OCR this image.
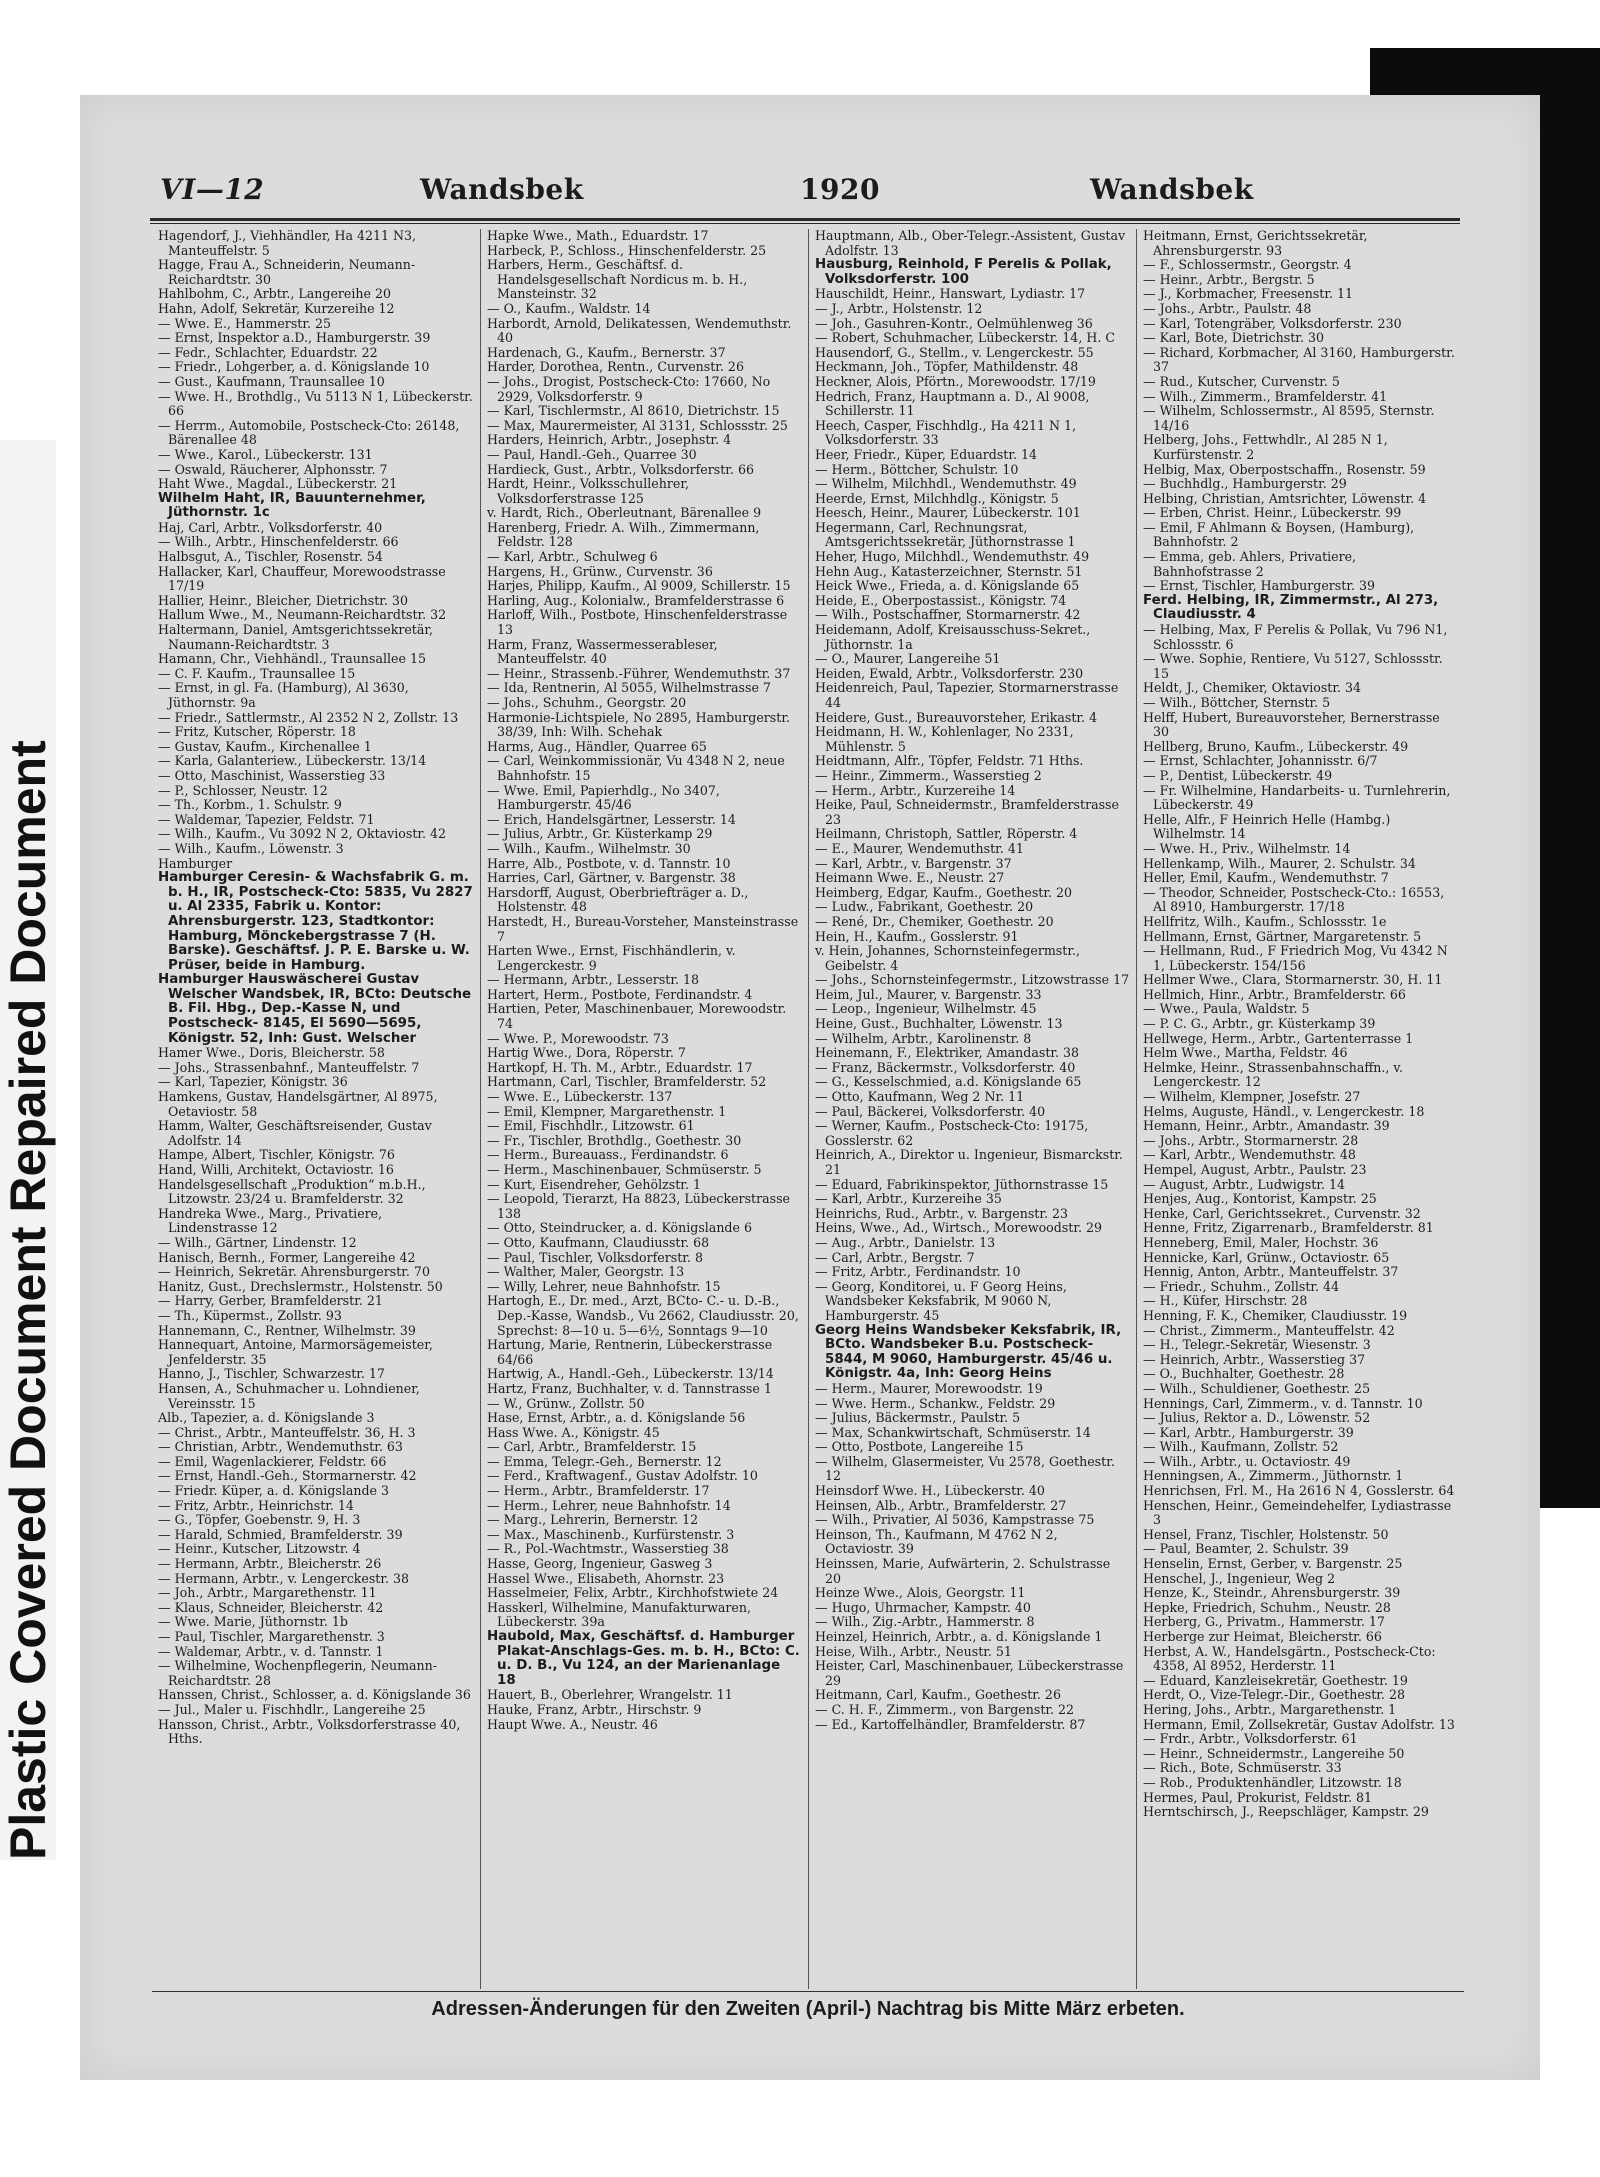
Plastic Covered Document Repaired Document
VI—12	Wandsbek	1920	Wandsbek

Hagendorf, J., Viehhändler, Ha 4211 N3, Manteuffelstr. 5

Hagge, Frau A., Schneiderin, Neumann-Reichardtstr. 30

Hahlbohm, C., Arbtr., Langereihe 20

Hahn, Adolf, Sekretär, Kurzereihe 12

— Wwe. E., Hammerstr. 25

— Ernst, Inspektor a.D., Hamburgerstr. 39

— Fedr., Schlachter, Eduardstr. 22

— Friedr., Lohgerber, a. d. Königslande 10

— Gust., Kaufmann, Traunsallee 10

— Wwe. H., Brothdlg., Vu 5113 N 1, Lübeckerstr. 66

— Herrm., Automobile, Postscheck-Cto: 26148, Bärenallee 48

— Wwe., Karol., Lübeckerstr. 131

— Oswald, Räucherer, Alphonsstr. 7

Haht Wwe., Magdal., Lübeckerstr. 21

Wilhelm Haht, IR, Bauunternehmer, Jüthornstr. 1c

Haj, Carl, Arbtr., Volksdorferstr. 40

— Wilh., Arbtr., Hinschenfelderstr. 66

Halbsgut, A., Tischler, Rosenstr. 54

Hallacker, Karl, Chauffeur, Morewoodstrasse 17/19

Hallier, Heinr., Bleicher, Dietrichstr. 30

Hallum Wwe., M., Neumann-Reichardtstr. 32

Haltermann, Daniel, Amtsgerichtssekretär, Naumann-Reichardtstr. 3

Hamann, Chr., Viehhändl., Traunsallee 15

— C. F. Kaufm., Traunsallee 15

— Ernst, in gl. Fa. (Hamburg), Al 3630, Jüthornstr. 9a

— Friedr., Sattlermstr., Al 2352 N 2, Zollstr. 13

— Fritz, Kutscher, Röperstr. 18

— Gustav, Kaufm., Kirchenallee 1

— Karla, Galanteriew., Lübeckerstr. 13/14

— Otto, Maschinist, Wasserstieg 33

— P., Schlosser, Neustr. 12

— Th., Korbm., 1. Schulstr. 9

— Waldemar, Tapezier, Feldstr. 71

— Wilh., Kaufm., Vu 3092 N 2, Oktaviostr. 42

— Wilh., Kaufm., Löwenstr. 3

Hamburger

Hamburger Ceresin- & Wachsfabrik G. m. b. H., IR, Postscheck-Cto: 5835, Vu 2827 u. Al 2335, Fabrik u. Kontor: Ahrensburgerstr. 123, Stadtkontor: Hamburg, Mönckebergstrasse 7 (H. Barske). Geschäftsf. J. P. E. Barske u. W. Prüser, beide in Hamburg.

Hamburger Hauswäscherei Gustav Welscher Wandsbek, IR, BCto: Deutsche B. Fil. Hbg., Dep.-Kasse N, und Postscheck- 8145, El 5690—5695, Königstr. 52, Inh: Gust. Welscher

Hamer Wwe., Doris, Bleicherstr. 58

— Johs., Strassenbahnf., Manteuffelstr. 7

— Karl, Tapezier, Königstr. 36

Hamkens, Gustav, Handelsgärtner, Al 8975, Oetaviostr. 58

Hamm, Walter, Geschäftsreisender, Gustav Adolfstr. 14

Hampe, Albert, Tischler, Königstr. 76

Hand, Willi, Architekt, Octaviostr. 16

Handelsgesellschaft „Produktion“ m.b.H., Litzowstr. 23/24 u. Bramfelderstr. 32

Handreka Wwe., Marg., Privatiere, Lindenstrasse 12

— Wilh., Gärtner, Lindenstr. 12

Hanisch, Bernh., Former, Langereihe 42

— Heinrich, Sekretär. Ahrensburgerstr. 70

Hanitz, Gust., Drechslermstr., Holstenstr. 50

— Harry, Gerber, Bramfelderstr. 21

— Th., Küpermst., Zollstr. 93

Hannemann, C., Rentner, Wilhelmstr. 39

Hannequart, Antoine, Marmorsägemeister, Jenfelderstr. 35

Hanno, J., Tischler, Schwarzestr. 17

Hansen, A., Schuhmacher u. Lohndiener, Vereinsstr. 15

Alb., Tapezier, a. d. Königslande 3

— Christ., Arbtr., Manteuffelstr. 36, H. 3

— Christian, Arbtr., Wendemuthstr. 63

— Emil, Wagenlackierer, Feldstr. 66

— Ernst, Handl.-Geh., Stormarnerstr. 42

— Friedr. Küper, a. d. Königslande 3

— Fritz, Arbtr., Heinrichstr. 14

— G., Töpfer, Goebenstr. 9, H. 3

— Harald, Schmied, Bramfelderstr. 39

— Heinr., Kutscher, Litzowstr. 4

— Hermann, Arbtr., Bleicherstr. 26

— Hermann, Arbtr., v. Lengerckestr. 38

— Joh., Arbtr., Margarethenstr. 11

— Klaus, Schneider, Bleicherstr. 42

— Wwe. Marie, Jüthornstr. 1b

— Paul, Tischler, Margarethenstr. 3

— Waldemar, Arbtr., v. d. Tannstr. 1

— Wilhelmine, Wochenpflegerin, Neumann-Reichardtstr. 28

Hanssen, Christ., Schlosser, a. d. Königslande 36

— Jul., Maler u. Fischhdlr., Langereihe 25

Hansson, Christ., Arbtr., Volksdorferstrasse 40, Hths.

Hapke Wwe., Math., Eduardstr. 17

Harbeck, P., Schloss., Hinschenfelderstr. 25

Harbers, Herm., Geschäftsf. d. Handelsgesellschaft Nordicus m. b. H., Mansteinstr. 32

— O., Kaufm., Waldstr. 14

Harbordt, Arnold, Delikatessen, Wendemuthstr. 40

Hardenach, G., Kaufm., Bernerstr. 37

Harder, Dorothea, Rentn., Curvenstr. 26

— Johs., Drogist, Postscheck-Cto: 17660, No 2929, Volksdorferstr. 9

— Karl, Tischlermstr., Al 8610, Dietrichstr. 15

— Max, Maurermeister, Al 3131, Schlossstr. 25

Harders, Heinrich, Arbtr., Josephstr. 4

— Paul, Handl.-Geh., Quarree 30

Hardieck, Gust., Arbtr., Volksdorferstr. 66

Hardt, Heinr., Volksschullehrer, Volksdorferstrasse 125

v. Hardt, Rich., Oberleutnant, Bärenallee 9

Harenberg, Friedr. A. Wilh., Zimmermann, Feldstr. 128

— Karl, Arbtr., Schulweg 6

Hargens, H., Grünw., Curvenstr. 36

Harjes, Philipp, Kaufm., Al 9009, Schillerstr. 15

Harling, Aug., Kolonialw., Bramfelderstrasse 6

Harloff, Wilh., Postbote, Hinschenfelderstrasse 13

Harm, Franz, Wassermesserableser, Manteuffelstr. 40

— Heinr., Strassenb.-Führer, Wendemuthstr. 37

— Ida, Rentnerin, Al 5055, Wilhelmstrasse 7

— Johs., Schuhm., Georgstr. 20

Harmonie-Lichtspiele, No 2895, Hamburgerstr. 38/39, Inh: Wilh. Schehak

Harms, Aug., Händler, Quarree 65

— Carl, Weinkommissionär, Vu 4348 N 2, neue Bahnhofstr. 15

— Wwe. Emil, Papierhdlg., No 3407, Hamburgerstr. 45/46

— Erich, Handelsgärtner, Lesserstr. 14

— Julius, Arbtr., Gr. Küsterkamp 29

— Wilh., Kaufm., Wilhelmstr. 30

Harre, Alb., Postbote, v. d. Tannstr. 10

Harries, Carl, Gärtner, v. Bargenstr. 38

Harsdorff, August, Oberbriefträger a. D., Holstenstr. 48

Harstedt, H., Bureau-Vorsteher, Mansteinstrasse 7

Harten Wwe., Ernst, Fischhändlerin, v. Lengerckestr. 9

— Hermann, Arbtr., Lesserstr. 18

Hartert, Herm., Postbote, Ferdinandstr. 4

Hartien, Peter, Maschinenbauer, Morewoodstr. 74

— Wwe. P., Morewoodstr. 73

Hartig Wwe., Dora, Röperstr. 7

Hartkopf, H. Th. M., Arbtr., Eduardstr. 17

Hartmann, Carl, Tischler, Bramfelderstr. 52

— Wwe. E., Lübeckerstr. 137

— Emil, Klempner, Margarethenstr. 1

— Emil, Fischhdlr., Litzowstr. 61

— Fr., Tischler, Brothdlg., Goethestr. 30

— Herm., Bureauass., Ferdinandstr. 6

— Herm., Maschinenbauer, Schmüserstr. 5

— Kurt, Eisendreher, Gehölzstr. 1

— Leopold, Tierarzt, Ha 8823, Lübeckerstrasse 138

— Otto, Steindrucker, a. d. Königslande 6

— Otto, Kaufmann, Claudiusstr. 68

— Paul, Tischler, Volksdorferstr. 8

— Walther, Maler, Georgstr. 13

— Willy, Lehrer, neue Bahnhofstr. 15

Hartogh, E., Dr. med., Arzt, BCto- C.- u. D.-B., Dep.-Kasse, Wandsb., Vu 2662, Claudiusstr. 20, Sprechst: 8—10 u. 5—6½, Sonntags 9—10

Hartung, Marie, Rentnerin, Lübeckerstrasse 64/66

Hartwig, A., Handl.-Geh., Lübeckerstr. 13/14

Hartz, Franz, Buchhalter, v. d. Tannstrasse 1

— W., Grünw., Zollstr. 50

Hase, Ernst, Arbtr., a. d. Königslande 56

Hass Wwe. A., Königstr. 45

— Carl, Arbtr., Bramfelderstr. 15

— Emma, Telegr.-Geh., Bernerstr. 12

— Ferd., Kraftwagenf., Gustav Adolfstr. 10

— Herm., Arbtr., Bramfelderstr. 17

— Herm., Lehrer, neue Bahnhofstr. 14

— Marg., Lehrerin, Bernerstr. 12

— Max., Maschinenb., Kurfürstenstr. 3

— R., Pol.-Wachtmstr., Wasserstieg 38

Hasse, Georg, Ingenieur, Gasweg 3

Hassel Wwe., Elisabeth, Ahornstr. 23

Hasselmeier, Felix, Arbtr., Kirchhofstwiete 24

Hasskerl, Wilhelmine, Manufakturwaren, Lübeckerstr. 39a

Haubold, Max, Geschäftsf. d. Hamburger Plakat-Anschlags-Ges. m. b. H., BCto: C. u. D. B., Vu 124, an der Marienanlage 18

Hauert, B., Oberlehrer, Wrangelstr. 11

Hauke, Franz, Arbtr., Hirschstr. 9

Haupt Wwe. A., Neustr. 46

Hauptmann, Alb., Ober-Telegr.-Assistent, Gustav Adolfstr. 13

Hausburg, Reinhold, F Perelis & Pollak, Volksdorferstr. 100

Hauschildt, Heinr., Hanswart, Lydiastr. 17

— J., Arbtr., Holstenstr. 12

— Joh., Gasuhren-Kontr., Oelmühlenweg 36

— Robert, Schuhmacher, Lübeckerstr. 14, H. C

Hausendorf, G., Stellm., v. Lengerckestr. 55

Heckmann, Joh., Töpfer, Mathildenstr. 48

Heckner, Alois, Pförtn., Morewoodstr. 17/19

Hedrich, Franz, Hauptmann a. D., Al 9008, Schillerstr. 11

Heech, Casper, Fischhdlg., Ha 4211 N 1, Volksdorferstr. 33

Heer, Friedr., Küper, Eduardstr. 14

— Herm., Böttcher, Schulstr. 10

— Wilhelm, Milchhdl., Wendemuthstr. 49

Heerde, Ernst, Milchhdlg., Königstr. 5

Heesch, Heinr., Maurer, Lübeckerstr. 101

Hegermann, Carl, Rechnungsrat, Amtsgerichtssekretär, Jüthornstrasse 1

Heher, Hugo, Milchhdl., Wendemuthstr. 49

Hehn Aug., Katasterzeichner, Sternstr. 51

Heick Wwe., Frieda, a. d. Königslande 65

Heide, E., Oberpostassist., Königstr. 74

— Wilh., Postschaffner, Stormarnerstr. 42

Heidemann, Adolf, Kreisausschuss-Sekret., Jüthornstr. 1a

— O., Maurer, Langereihe 51

Heiden, Ewald, Arbtr., Volksdorferstr. 230

Heidenreich, Paul, Tapezier, Stormarnerstrasse 44

Heidere, Gust., Bureauvorsteher, Erikastr. 4

Heidmann, H. W., Kohlenlager, No 2331, Mühlenstr. 5

Heidtmann, Alfr., Töpfer, Feldstr. 71 Hths.

— Heinr., Zimmerm., Wasserstieg 2

— Herm., Arbtr., Kurzereihe 14

Heike, Paul, Schneidermstr., Bramfelderstrasse 23

Heilmann, Christoph, Sattler, Röperstr. 4

— E., Maurer, Wendemuthstr. 41

— Karl, Arbtr., v. Bargenstr. 37

Heimann Wwe. E., Neustr. 27

Heimberg, Edgar, Kaufm., Goethestr. 20

— Ludw., Fabrikant, Goethestr. 20

— René, Dr., Chemiker, Goethestr. 20

Hein, H., Kaufm., Gosslerstr. 91

v. Hein, Johannes, Schornsteinfegermstr., Geibelstr. 4

— Johs., Schornsteinfegermstr., Litzowstrasse 17

Heim, Jul., Maurer, v. Bargenstr. 33

— Leop., Ingenieur, Wilhelmstr. 45

Heine, Gust., Buchhalter, Löwenstr. 13

— Wilhelm, Arbtr., Karolinenstr. 8

Heinemann, F., Elektriker, Amandastr. 38

— Franz, Bäckermstr., Volksdorferstr. 40

— G., Kesselschmied, a.d. Königslande 65

— Otto, Kaufmann, Weg 2 Nr. 11

— Paul, Bäckerei, Volksdorferstr. 40

— Werner, Kaufm., Postscheck-Cto: 19175, Gosslerstr. 62

Heinrich, A., Direktor u. Ingenieur, Bismarckstr. 21

— Eduard, Fabrikinspektor, Jüthornstrasse 15

— Karl, Arbtr., Kurzereihe 35

Heinrichs, Rud., Arbtr., v. Bargenstr. 23

Heins, Wwe., Ad., Wirtsch., Morewoodstr. 29

— Aug., Arbtr., Danielstr. 13

— Carl, Arbtr., Bergstr. 7

— Fritz, Arbtr., Ferdinandstr. 10

— Georg, Konditorei, u. F Georg Heins, Wandsbeker Keksfabrik, M 9060 N, Hamburgerstr. 45

Georg Heins Wandsbeker Keksfabrik, IR, BCto. Wandsbeker B.u. Postscheck- 5844, M 9060, Hamburgerstr. 45/46 u. Königstr. 4a, Inh: Georg Heins

— Herm., Maurer, Morewoodstr. 19

— Wwe. Herm., Schankw., Feldstr. 29

— Julius, Bäckermstr., Paulstr. 5

— Max, Schankwirtschaft, Schmüserstr. 14

— Otto, Postbote, Langereihe 15

— Wilhelm, Glasermeister, Vu 2578, Goethestr. 12

Heinsdorf Wwe. H., Lübeckerstr. 40

Heinsen, Alb., Arbtr., Bramfelderstr. 27

— Wilh., Privatier, Al 5036, Kampstrasse 75

Heinson, Th., Kaufmann, M 4762 N 2, Octaviostr. 39

Heinssen, Marie, Aufwärterin, 2. Schulstrasse 20

Heinze Wwe., Alois, Georgstr. 11

— Hugo, Uhrmacher, Kampstr. 40

— Wilh., Zig.-Arbtr., Hammerstr. 8

Heinzel, Heinrich, Arbtr., a. d. Königslande 1

Heise, Wilh., Arbtr., Neustr. 51

Heister, Carl, Maschinenbauer, Lübeckerstrasse 29

Heitmann, Carl, Kaufm., Goethestr. 26

— C. H. F., Zimmerm., von Bargenstr. 22

— Ed., Kartoffelhändler, Bramfelderstr. 87

Heitmann, Ernst, Gerichtssekretär, Ahrensburgerstr. 93

— F., Schlossermstr., Georgstr. 4

— Heinr., Arbtr., Bergstr. 5

— J., Korbmacher, Freesenstr. 11

— Johs., Arbtr., Paulstr. 48

— Karl, Totengräber, Volksdorferstr. 230

— Karl, Bote, Dietrichstr. 30

— Richard, Korbmacher, Al 3160, Hamburgerstr. 37

— Rud., Kutscher, Curvenstr. 5

— Wilh., Zimmerm., Bramfelderstr. 41

— Wilhelm, Schlossermstr., Al 8595, Sternstr. 14/16

Helberg, Johs., Fettwhdlr., Al 285 N 1, Kurfürstenstr. 2

Helbig, Max, Oberpostschaffn., Rosenstr. 59

— Buchhdlg., Hamburgerstr. 29

Helbing, Christian, Amtsrichter, Löwenstr. 4

— Erben, Christ. Heinr., Lübeckerstr. 99

— Emil, F Ahlmann & Boysen, (Hamburg), Bahnhofstr. 2

— Emma, geb. Ahlers, Privatiere, Bahnhofstrasse 2

— Ernst, Tischler, Hamburgerstr. 39

Ferd. Helbing, IR, Zimmermstr., Al 273, Claudiusstr. 4

— Helbing, Max, F Perelis & Pollak, Vu 796 N1, Schlossstr. 6

— Wwe. Sophie, Rentiere, Vu 5127, Schlossstr. 15

Heldt, J., Chemiker, Oktaviostr. 34

— Wilh., Böttcher, Sternstr. 5

Helff, Hubert, Bureauvorsteher, Bernerstrasse 30

Hellberg, Bruno, Kaufm., Lübeckerstr. 49

— Ernst, Schlachter, Johannisstr. 6/7

— P., Dentist, Lübeckerstr. 49

— Fr. Wilhelmine, Handarbeits- u. Turnlehrerin, Lübeckerstr. 49

Helle, Alfr., F Heinrich Helle (Hambg.) Wilhelmstr. 14

— Wwe. H., Priv., Wilhelmstr. 14

Hellenkamp, Wilh., Maurer, 2. Schulstr. 34

Heller, Emil, Kaufm., Wendemuthstr. 7

— Theodor, Schneider, Postscheck-Cto.: 16553, Al 8910, Hamburgerstr. 17/18

Hellfritz, Wilh., Kaufm., Schlossstr. 1e

Hellmann, Ernst, Gärtner, Margaretenstr. 5

— Hellmann, Rud., F Friedrich Mog, Vu 4342 N 1, Lübeckerstr. 154/156

Hellmer Wwe., Clara, Stormarnerstr. 30, H. 11

Hellmich, Hinr., Arbtr., Bramfelderstr. 66

— Wwe., Paula, Waldstr. 5

— P. C. G., Arbtr., gr. Küsterkamp 39

Hellwege, Herm., Arbtr., Gartenterrasse 1

Helm Wwe., Martha, Feldstr. 46

Helmke, Heinr., Strassenbahnschaffn., v. Lengerckestr. 12

— Wilhelm, Klempner, Josefstr. 27

Helms, Auguste, Händl., v. Lengerckestr. 18

Hemann, Heinr., Arbtr., Amandastr. 39

— Johs., Arbtr., Stormarnerstr. 28

— Karl, Arbtr., Wendemuthstr. 48

Hempel, August, Arbtr., Paulstr. 23

— August, Arbtr., Ludwigstr. 14

Henjes, Aug., Kontorist, Kampstr. 25

Henke, Carl, Gerichtssekret., Curvenstr. 32

Henne, Fritz, Zigarrenarb., Bramfelderstr. 81

Henneberg, Emil, Maler, Hochstr. 36

Hennicke, Karl, Grünw., Octaviostr. 65

Hennig, Anton, Arbtr., Manteuffelstr. 37

— Friedr., Schuhm., Zollstr. 44

— H., Küfer, Hirschstr. 28

Henning, F. K., Chemiker, Claudiusstr. 19

— Christ., Zimmerm., Manteuffelstr. 42

— H., Telegr.-Sekretär, Wiesenstr. 3

— Heinrich, Arbtr., Wasserstieg 37

— O., Buchhalter, Goethestr. 28

— Wilh., Schuldiener, Goethestr. 25

Hennings, Carl, Zimmerm., v. d. Tannstr. 10

— Julius, Rektor a. D., Löwenstr. 52

— Karl, Arbtr., Hamburgerstr. 39

— Wilh., Kaufmann, Zollstr. 52

— Wilh., Arbtr., u. Octaviostr. 49

Henningsen, A., Zimmerm., Jüthornstr. 1

Henrichsen, Frl. M., Ha 2616 N 4, Gosslerstr. 64

Henschen, Heinr., Gemeindehelfer, Lydiastrasse 3

Hensel, Franz, Tischler, Holstenstr. 50

— Paul, Beamter, 2. Schulstr. 39

Henselin, Ernst, Gerber, v. Bargenstr. 25

Henschel, J., Ingenieur, Weg 2

Henze, K., Steindr., Ahrensburgerstr. 39

Hepke, Friedrich, Schuhm., Neustr. 28

Herberg, G., Privatm., Hammerstr. 17

Herberge zur Heimat, Bleicherstr. 66

Herbst, A. W., Handelsgärtn., Postscheck-Cto: 4358, Al 8952, Herderstr. 11

— Eduard, Kanzleisekretär, Goethestr. 19

Herdt, O., Vize-Telegr.-Dir., Goethestr. 28

Hering, Johs., Arbtr., Margarethenstr. 1

Hermann, Emil, Zollsekretär, Gustav Adolfstr. 13

— Frdr., Arbtr., Volksdorferstr. 61

— Heinr., Schneidermstr., Langereihe 50

— Rich., Bote, Schmüserstr. 33

— Rob., Produktenhändler, Litzowstr. 18

Hermes, Paul, Prokurist, Feldstr. 81

Herntschirsch, J., Reepschläger, Kampstr. 29

Adressen-Änderungen für den Zweiten (April-) Nachtrag bis Mitte März erbeten.
